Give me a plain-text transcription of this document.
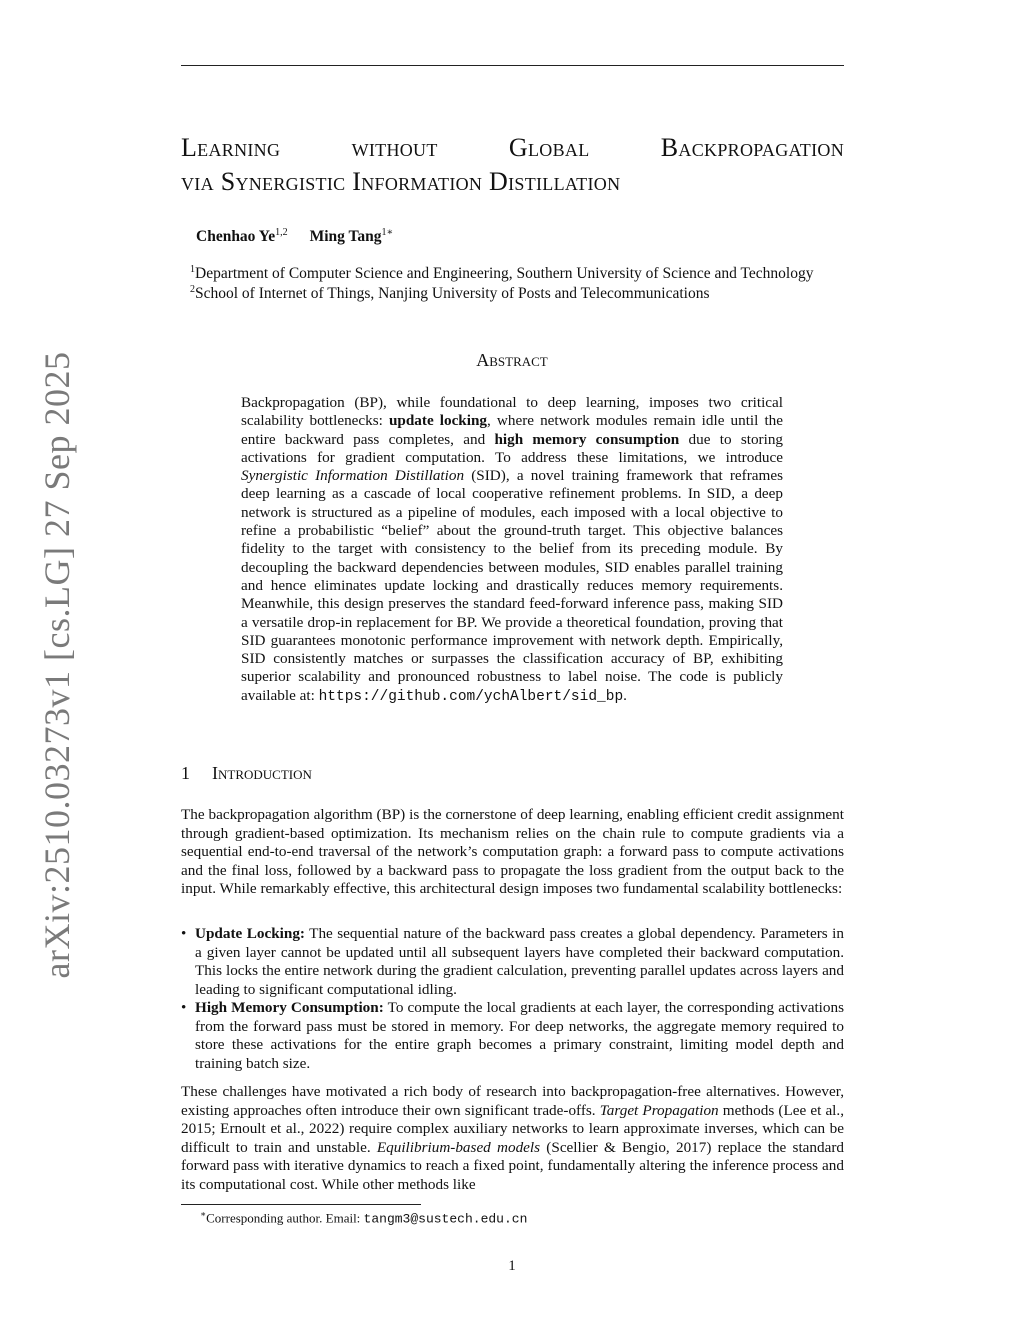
arXiv:2510.03273v1 [cs.LG] 27 Sep 2025
Learning	without	Global	Backpropagation
via Synergistic Information Distillation
Chenhao Ye$^{1,2}$ Ming Tang$^{1∗}$
$^1$Department of Computer Science and Engineering, Southern University of Science and Technology
$^2$School of Internet of Things, Nanjing University of Posts and Telecommunications
Abstract
Backpropagation (BP), while foundational to deep learning, imposes two critical scalability bottlenecks: update locking, where network modules remain idle until the entire backward pass completes, and high memory consumption due to storing activations for gradient computation. To address these limitations, we introduce Synergistic Information Distillation (SID), a novel training framework that reframes deep learning as a cascade of local cooperative refinement problems. In SID, a deep network is structured as a pipeline of modules, each imposed with a local objective to refine a probabilistic “belief” about the ground-truth target. This objective balances fidelity to the target with consistency to the belief from its preceding module. By decoupling the backward dependencies between modules, SID enables parallel training and hence eliminates update locking and drastically reduces memory requirements. Meanwhile, this design preserves the standard feed-forward inference pass, making SID a versatile drop-in replacement for BP. We provide a theoretical foundation, proving that SID guarantees monotonic performance improvement with network depth. Empirically, SID consistently matches or surpasses the classification accuracy of BP, exhibiting superior scalability and pronounced robustness to label noise. The code is publicly available at: https://github.com/ychAlbert/sid_bp.
1 Introduction
The backpropagation algorithm (BP) is the cornerstone of deep learning, enabling efficient credit assignment through gradient-based optimization. Its mechanism relies on the chain rule to compute gradients via a sequential end-to-end traversal of the network’s computation graph: a forward pass to compute activations and the final loss, followed by a backward pass to propagate the loss gradient from the output back to the input. While remarkably effective, this architectural design imposes two fundamental scalability bottlenecks:
• Update Locking: The sequential nature of the backward pass creates a global dependency. Parameters in a given layer cannot be updated until all subsequent layers have completed their backward computation. This locks the entire network during the gradient calculation, preventing parallel updates across layers and leading to significant computational idling.
• High Memory Consumption: To compute the local gradients at each layer, the corresponding activations from the forward pass must be stored in memory. For deep networks, the aggregate memory required to store these activations for the entire graph becomes a primary constraint, limiting model depth and training batch size.
These challenges have motivated a rich body of research into backpropagation-free alternatives. However, existing approaches often introduce their own significant trade-offs. Target Propagation methods (Lee et al., 2015; Ernoult et al., 2022) require complex auxiliary networks to learn approximate inverses, which can be difficult to train and unstable. Equilibrium-based models (Scellier & Bengio, 2017) replace the standard forward pass with iterative dynamics to reach a fixed point, fundamentally altering the inference process and its computational cost. While other methods like
∗Corresponding author. Email: tangm3@sustech.edu.cn
1
